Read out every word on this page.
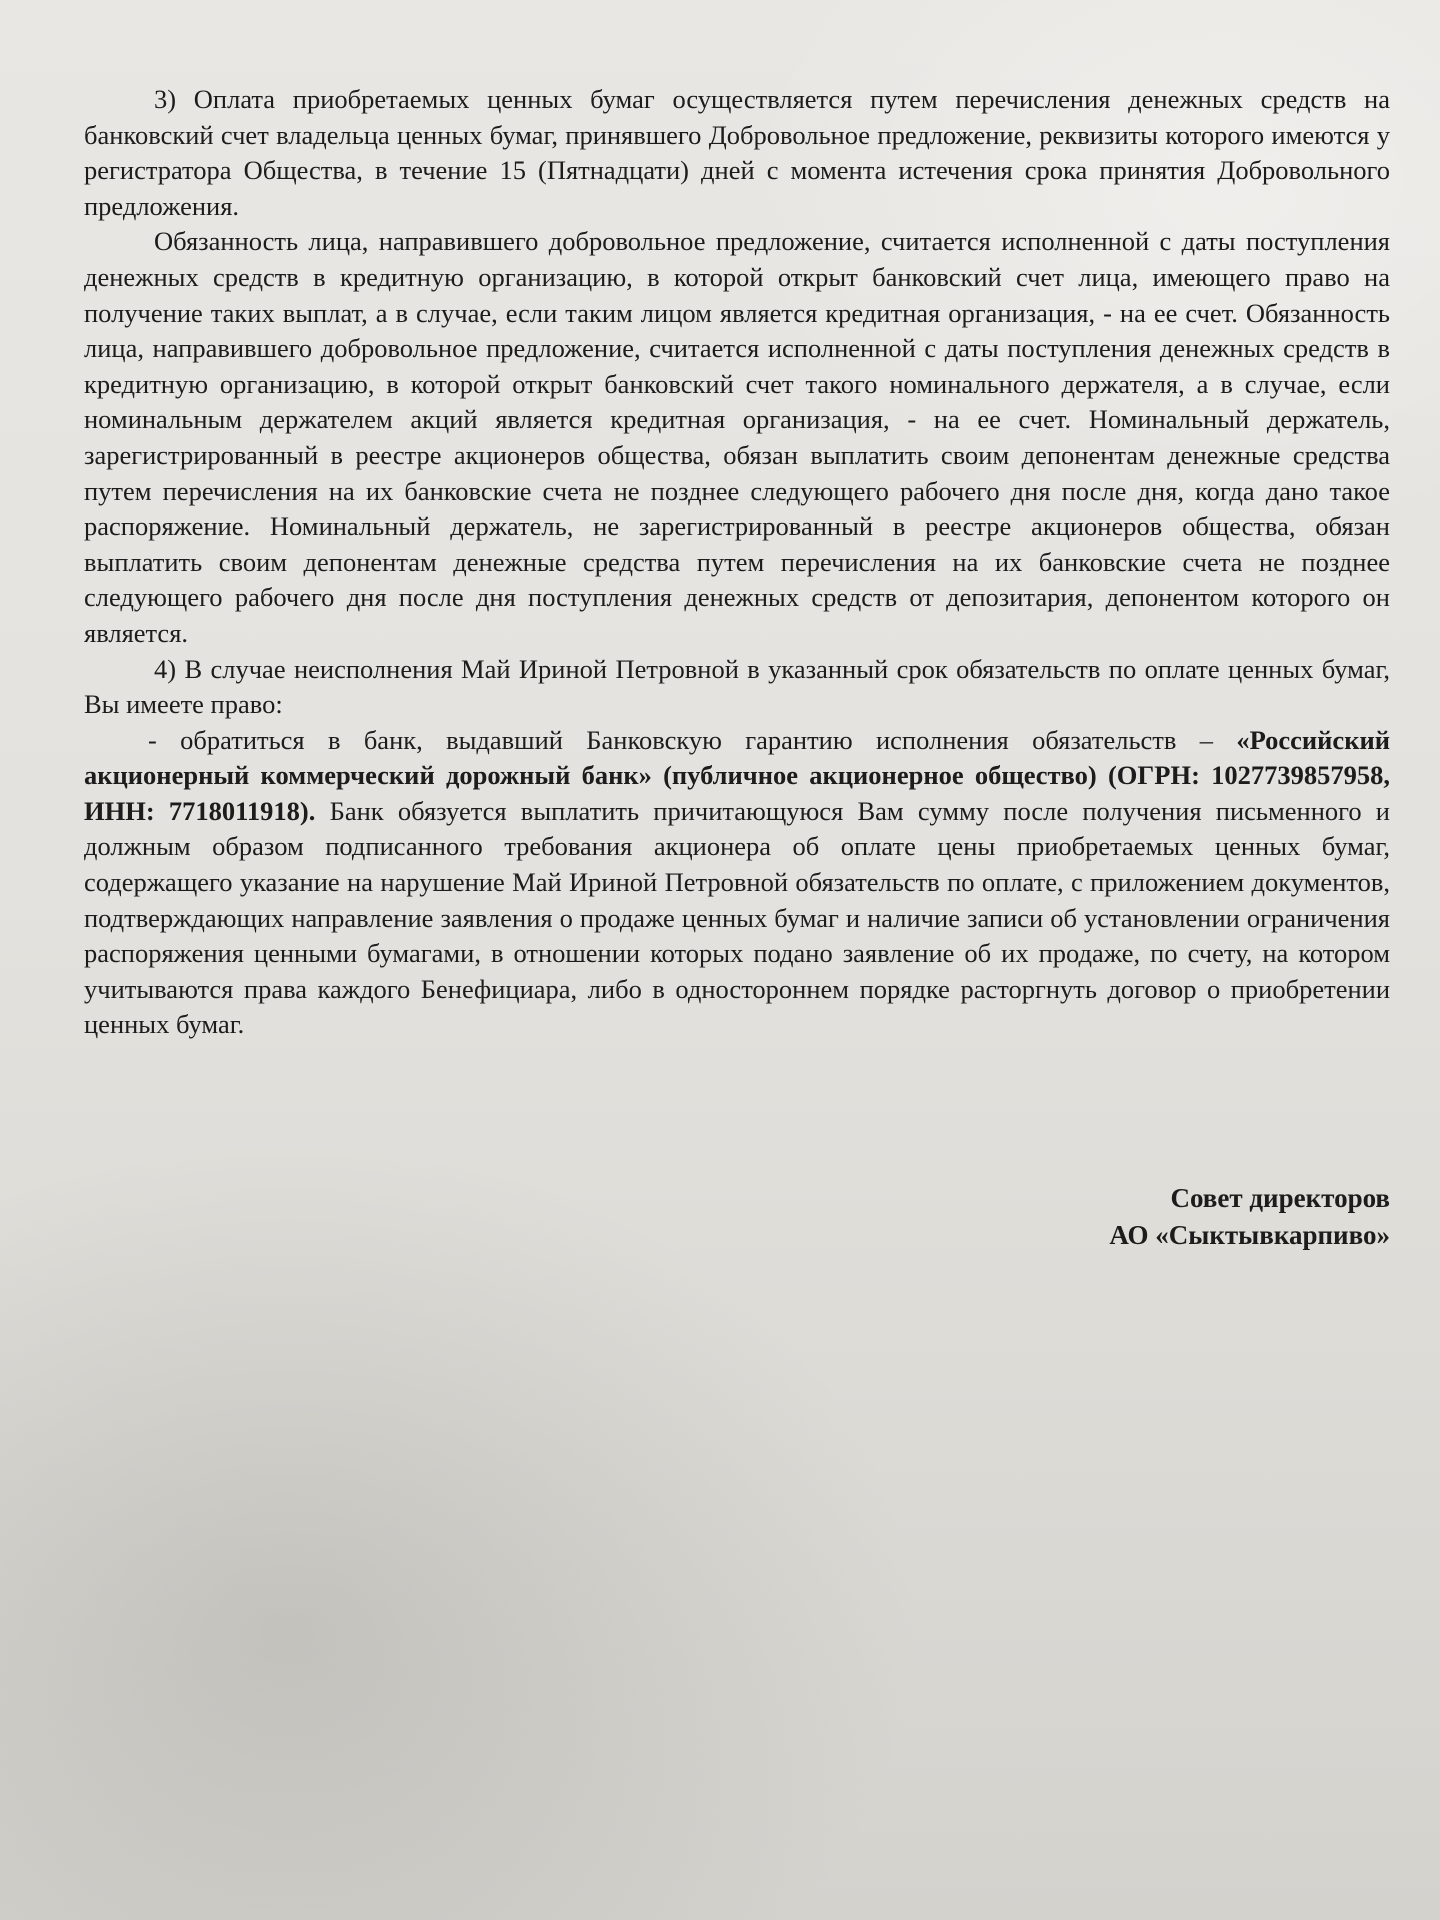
3) Оплата приобретаемых ценных бумаг осуществляется путем перечисления денежных средств на банковский счет владельца ценных бумаг, принявшего Добровольное предложение, реквизиты которого имеются у регистратора Общества, в течение 15 (Пятнадцати) дней с момента истечения срока принятия Добровольного предложения.

Обязанность лица, направившего добровольное предложение, считается исполненной с даты поступления денежных средств в кредитную организацию, в которой открыт банковский счет лица, имеющего право на получение таких выплат, а в случае, если таким лицом является кредитная организация, - на ее счет. Обязанность лица, направившего добровольное предложение, считается исполненной с даты поступления денежных средств в кредитную организацию, в которой открыт банковский счет такого номинального держателя, а в случае, если номинальным держателем акций является кредитная организация, - на ее счет. Номинальный держатель, зарегистрированный в реестре акционеров общества, обязан выплатить своим депонентам денежные средства путем перечисления на их банковские счета не позднее следующего рабочего дня после дня, когда дано такое распоряжение. Номинальный держатель, не зарегистрированный в реестре акционеров общества, обязан выплатить своим депонентам денежные средства путем перечисления на их банковские счета не позднее следующего рабочего дня после дня поступления денежных средств от депозитария, депонентом которого он является.

4) В случае неисполнения Май Ириной Петровной в указанный срок обязательств по оплате ценных бумаг, Вы имеете право:

- обратиться в банк, выдавший Банковскую гарантию исполнения обязательств – «Российский акционерный коммерческий дорожный банк» (публичное акционерное общество) (ОГРН: 1027739857958, ИНН: 7718011918). Банк обязуется выплатить причитающуюся Вам сумму после получения письменного и должным образом подписанного требования акционера об оплате цены приобретаемых ценных бумаг, содержащего указание на нарушение Май Ириной Петровной обязательств по оплате, с приложением документов, подтверждающих направление заявления о продаже ценных бумаг и наличие записи об установлении ограничения распоряжения ценными бумагами, в отношении которых подано заявление об их продаже, по счету, на котором учитываются права каждого Бенефициара, либо в одностороннем порядке расторгнуть договор о приобретении ценных бумаг.

Совет директоров
АО «Сыктывкарпиво»
